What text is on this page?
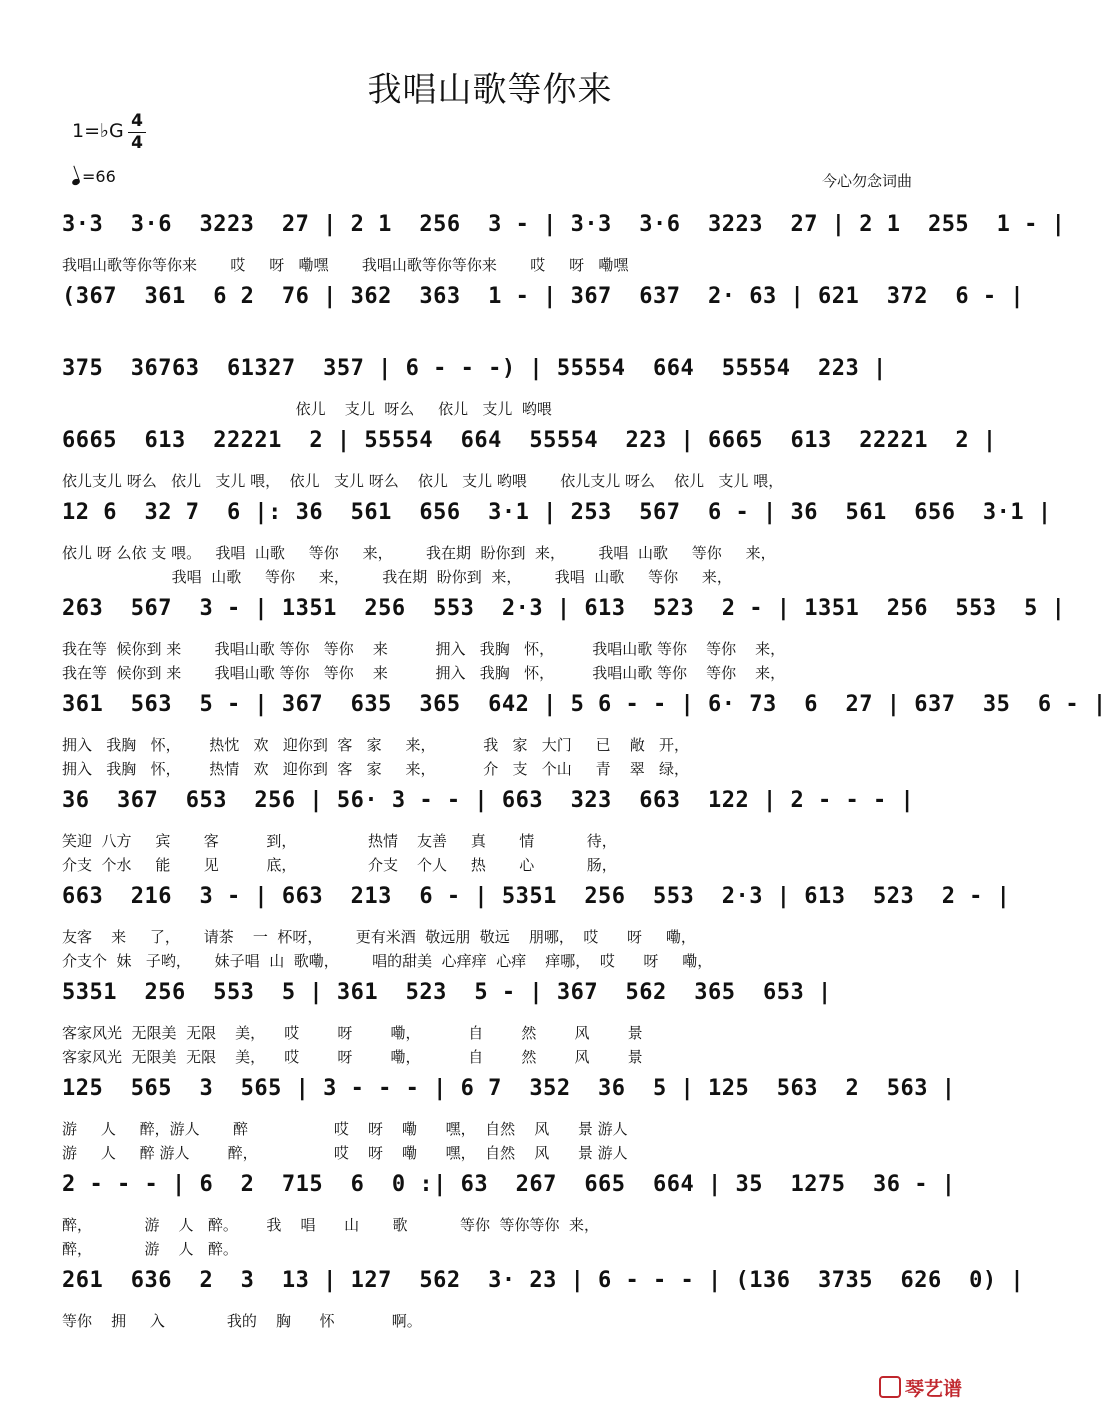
我唱山歌等你来
1=♭G 4
4
=66	今心勿念词曲
3·3  3·6  3223  27 | 2 1  256  3 - | 3·3  3·6  3223  27 | 2 1  255  1 - |
我唱山歌等你等你来       哎     呀   嘞嘿       我唱山歌等你等你来       哎     呀   嘞嘿
(367  361  6 2  76 | 362  363  1 - | 367  637  2· 63 | 621  372  6 - |
375  36763  61327  357 | 6 - - -) | 55554  664  55554  223 |
依儿    支儿  呀么     依儿   支儿  哟喂
6665  613  22221  2 | 55554  664  55554  223 | 6665  613  22221  2 |
依儿支儿 呀么   依儿   支儿 喂，  依儿   支儿 呀么    依儿   支儿 哟喂       依儿支儿 呀么    依儿   支儿 喂，
12 6  32 7  6 |: 36  561  656  3·1 | 253  567  6 - | 36  561  656  3·1 |
依儿 呀 么依 支 喂。   我唱  山歌     等你     来，       我在期  盼你到  来，       我唱  山歌     等你     来，
我唱  山歌     等你     来，       我在期  盼你到  来，       我唱  山歌     等你     来，
263  567  3 - | 1351  256  553  2·3 | 613  523  2 - | 1351  256  553  5 |
我在等  候你到 来       我唱山歌 等你   等你    来          拥入   我胸   怀，        我唱山歌 等你    等你    来，
我在等  候你到 来       我唱山歌 等你   等你    来          拥入   我胸   怀，        我唱山歌 等你    等你    来，
361  563  5 - | 367  635  365  642 | 5 6 - - | 6· 73  6  27 | 637  35  6 - |
拥入   我胸   怀，      热忱   欢   迎你到  客   家     来，          我   家   大门     已    敞   开，
拥入   我胸   怀，      热情   欢   迎你到  客   家     来，          介   支   个山     青    翠   绿，
36  367  653  256 | 56· 3 - - | 663  323  663  122 | 2 - - - |
笑迎  八方     宾       客          到，               热情    友善     真       情           待，
介支  个水     能       见          底，               介支    个人     热       心           肠，
663  216  3 - | 663  213  6 - | 5351  256  553  2·3 | 613  523  2 - |
友客    来     了，     请茶    一  杯呀，       更有米酒  敬远朋  敬远    朋哪，  哎      呀     嘞，
介支个  妹   子哟，     妹子唱  山  歌嘞，       唱的甜美  心痒痒  心痒    痒哪，  哎      呀     嘞，
5351  256  553  5 | 361  523  5 - | 367  562  365  653 |
客家风光  无限美  无限    美，    哎        呀        嘞，          自        然        风        景
客家风光  无限美  无限    美，    哎        呀        嘞，          自        然        风        景
125  565  3  565 | 3 - - - | 6 7  352  36  5 | 125  563  2  563 |
游     人     醉，游人       醉                  哎    呀    嘞      嘿，  自然    风      景 游人
游     人     醉 游人        醉，                哎    呀    嘞      嘿，  自然    风      景 游人
2 - - - | 6  2  715  6  0 :| 63  267  665  664 | 35  1275  36 - |
醉，           游    人   醉。      我    唱      山       歌           等你  等你等你  来，
醉，           游    人   醉。
261  636  2  3  13 | 127  562  3· 23 | 6 - - - | (136  3735  626  0) |
等你    拥     入             我的    胸      怀            啊。
琴艺谱
